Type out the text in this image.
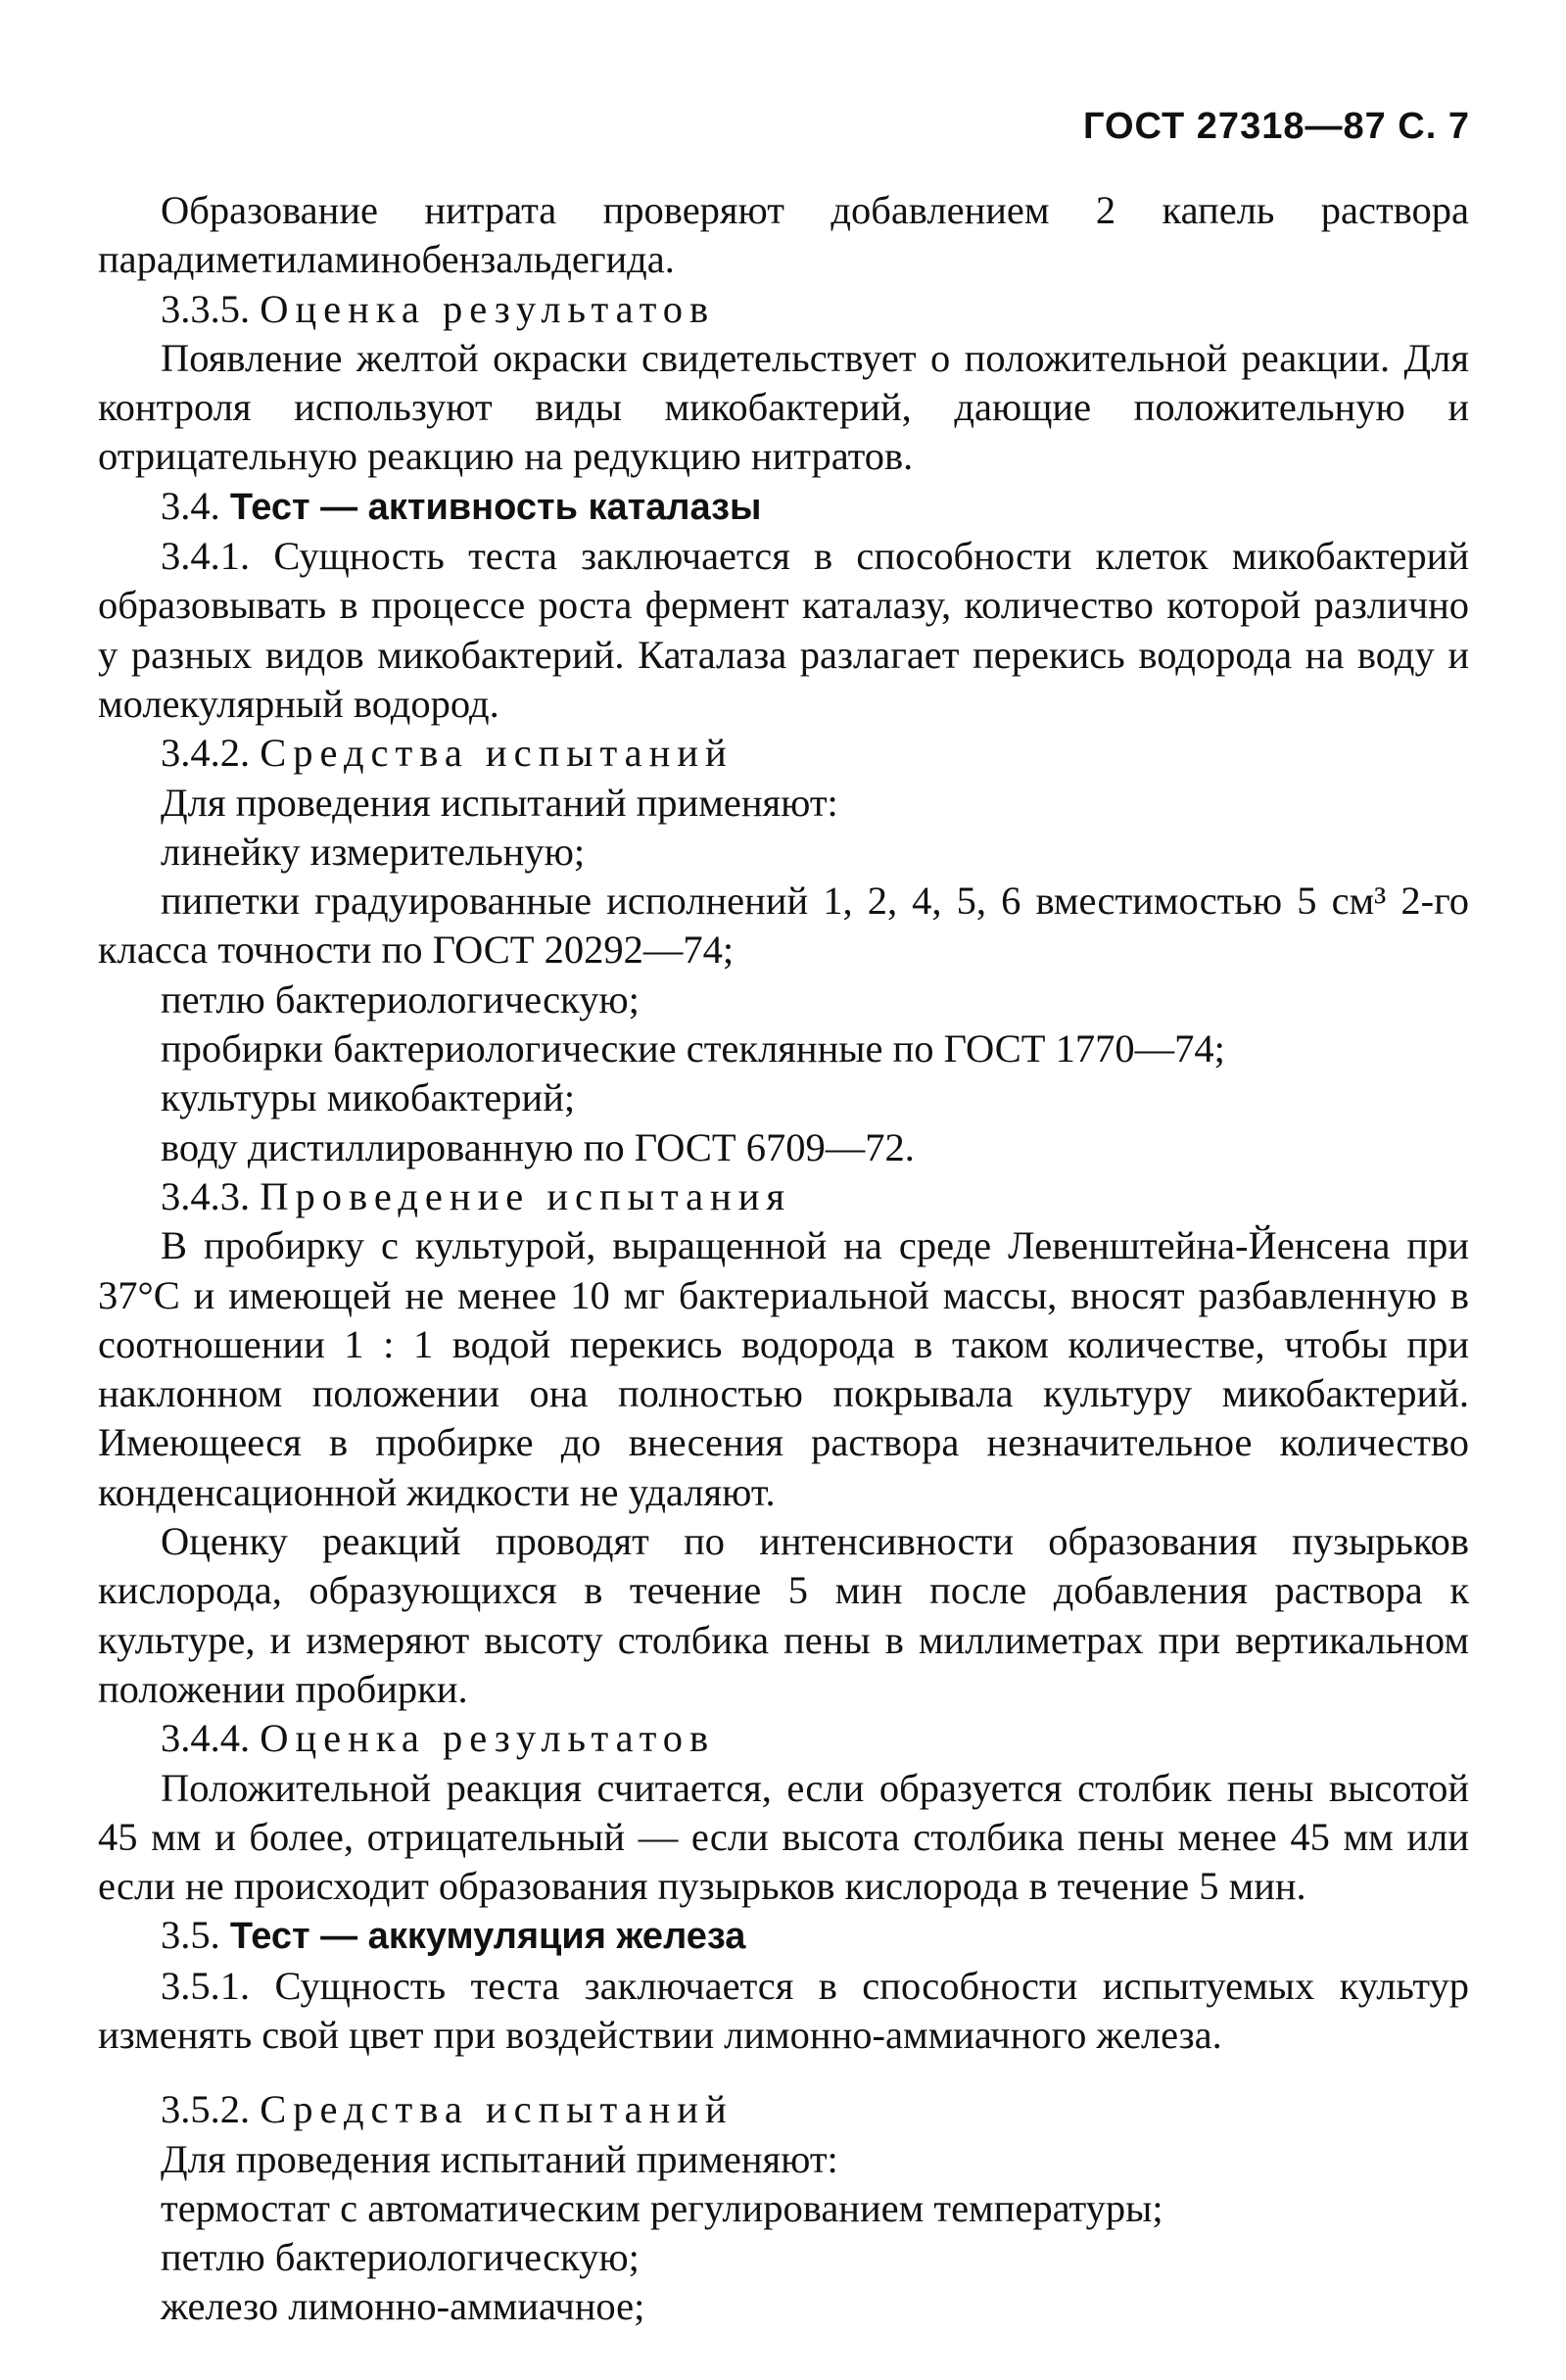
ГОСТ 27318—87 С. 7

Образование нитрата проверяют добавлением 2 капель раствора парадиметиламинобензальдегида.

3.3.5. Оценка результатов

Появление желтой окраски свидетельствует о положительной реакции. Для контроля используют виды микобактерий, дающие положительную и отрицательную реакцию на редукцию нитратов.

3.4. Тест — активность каталазы

3.4.1. Сущность теста заключается в способности клеток микобактерий образовывать в процессе роста фермент каталазу, количество которой различно у разных видов микобактерий. Каталаза разлагает перекись водорода на воду и молекулярный водород.

3.4.2. Средства испытаний

Для проведения испытаний применяют:

линейку измерительную;

пипетки градуированные исполнений 1, 2, 4, 5, 6 вместимостью 5 см³ 2-го класса точности по ГОСТ 20292—74;

петлю бактериологическую;

пробирки бактериологические стеклянные по ГОСТ 1770—74;

культуры микобактерий;

воду дистиллированную по ГОСТ 6709—72.

3.4.3. Проведение испытания

В пробирку с культурой, выращенной на среде Левенштейна-Йенсена при 37°С и имеющей не менее 10 мг бактериальной массы, вносят разбавленную в соотношении 1 : 1 водой перекись водорода в таком количестве, чтобы при наклонном положении она полностью покрывала культуру микобактерий. Имеющееся в пробирке до внесения раствора незначительное количество конденсационной жидкости не удаляют.

Оценку реакций проводят по интенсивности образования пузырьков кислорода, образующихся в течение 5 мин после добавления раствора к культуре, и измеряют высоту столбика пены в миллиметрах при вертикальном положении пробирки.

3.4.4. Оценка результатов

Положительной реакция считается, если образуется столбик пены высотой 45 мм и более, отрицательный — если высота столбика пены менее 45 мм или если не происходит образования пузырьков кислорода в течение 5 мин.

3.5. Тест — аккумуляция железа

3.5.1. Сущность теста заключается в способности испытуемых культур изменять свой цвет при воздействии лимонно-аммиачного железа.

3.5.2. Средства испытаний

Для проведения испытаний применяют:

термостат с автоматическим регулированием температуры;

петлю бактериологическую;

железо лимонно-аммиачное;
